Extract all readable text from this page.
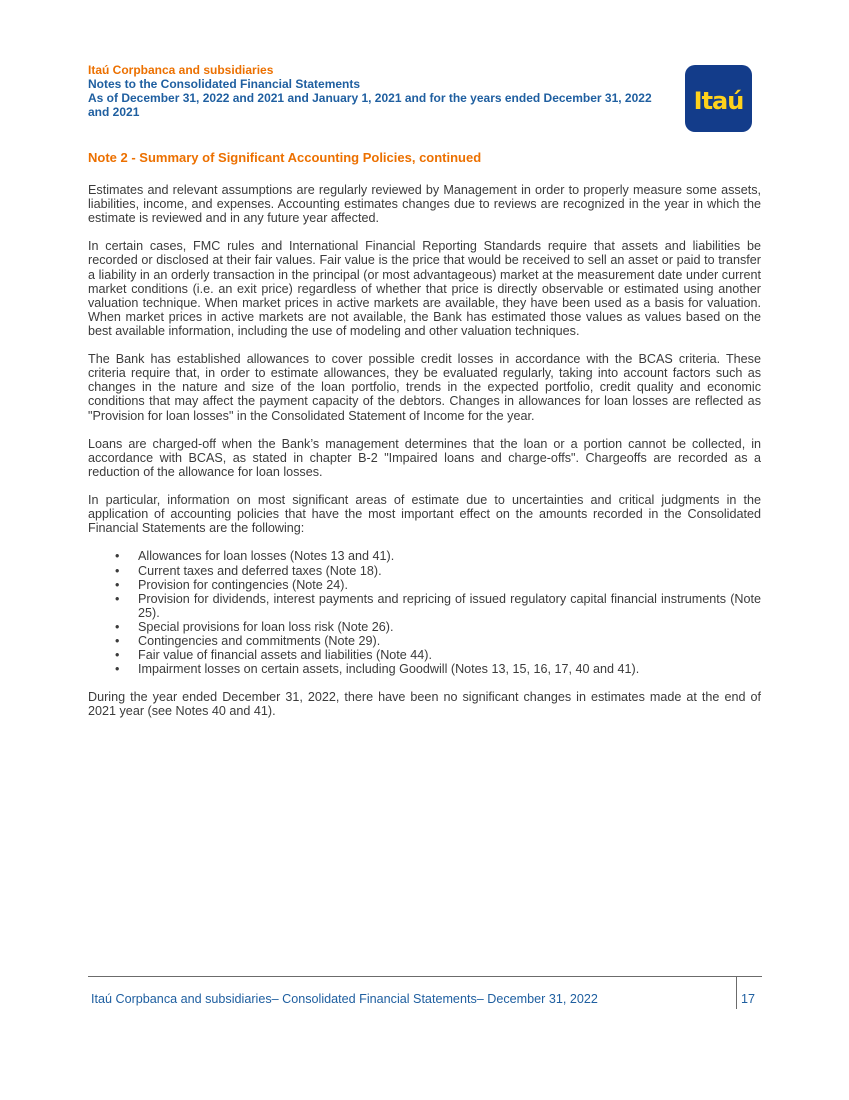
Itaú Corpbanca and subsidiaries
Notes to the Consolidated Financial Statements
As of December 31, 2022 and 2021 and January 1, 2021 and for the years ended December 31, 2022
and 2021	Itaú
Note 2 - Summary of Significant Accounting Policies, continued

Estimates and relevant assumptions are regularly reviewed by Management in order to properly measure some assets, liabilities, income, and expenses. Accounting estimates changes due to reviews are recognized in the year in which the estimate is reviewed and in any future year affected.

In certain cases, FMC rules and International Financial Reporting Standards require that assets and liabilities be recorded or disclosed at their fair values. Fair value is the price that would be received to sell an asset or paid to transfer a liability in an orderly transaction in the principal (or most advantageous) market at the measurement date under current market conditions (i.e. an exit price) regardless of whether that price is directly observable or estimated using another valuation technique. When market prices in active markets are available, they have been used as a basis for valuation. When market prices in active markets are not available, the Bank has estimated those values as values based on the best available information, including the use of modeling and other valuation techniques.

The Bank has established allowances to cover possible credit losses in accordance with the BCAS criteria. These criteria require that, in order to estimate allowances, they be evaluated regularly, taking into account factors such as changes in the nature and size of the loan portfolio, trends in the expected portfolio, credit quality and economic conditions that may affect the payment capacity of the debtors. Changes in allowances for loan losses are reflected as "Provision for loan losses" in the Consolidated Statement of Income for the year.

Loans are charged-off when the Bank’s management determines that the loan or a portion cannot be collected, in accordance with BCAS, as stated in chapter B-2 "Impaired loans and charge-offs". Chargeoffs are recorded as a reduction of the allowance for loan losses.

In particular, information on most significant areas of estimate due to uncertainties and critical judgments in the application of accounting policies that have the most important effect on the amounts recorded in the Consolidated Financial Statements are the following:

• Allowances for loan losses (Notes 13 and 41).
• Current taxes and deferred taxes (Note 18).
• Provision for contingencies (Note 24).
• Provision for dividends, interest payments and repricing of issued regulatory capital financial instruments (Note 25).
• Special provisions for loan loss risk (Note 26).
• Contingencies and commitments (Note 29).
• Fair value of financial assets and liabilities (Note 44).
• Impairment losses on certain assets, including Goodwill (Notes 13, 15, 16, 17, 40 and 41).

During the year ended December 31, 2022, there have been no significant changes in estimates made at the end of 2021 year (see Notes 40 and 41).

Itaú Corpbanca and subsidiaries– Consolidated Financial Statements– December 31, 2022	17
